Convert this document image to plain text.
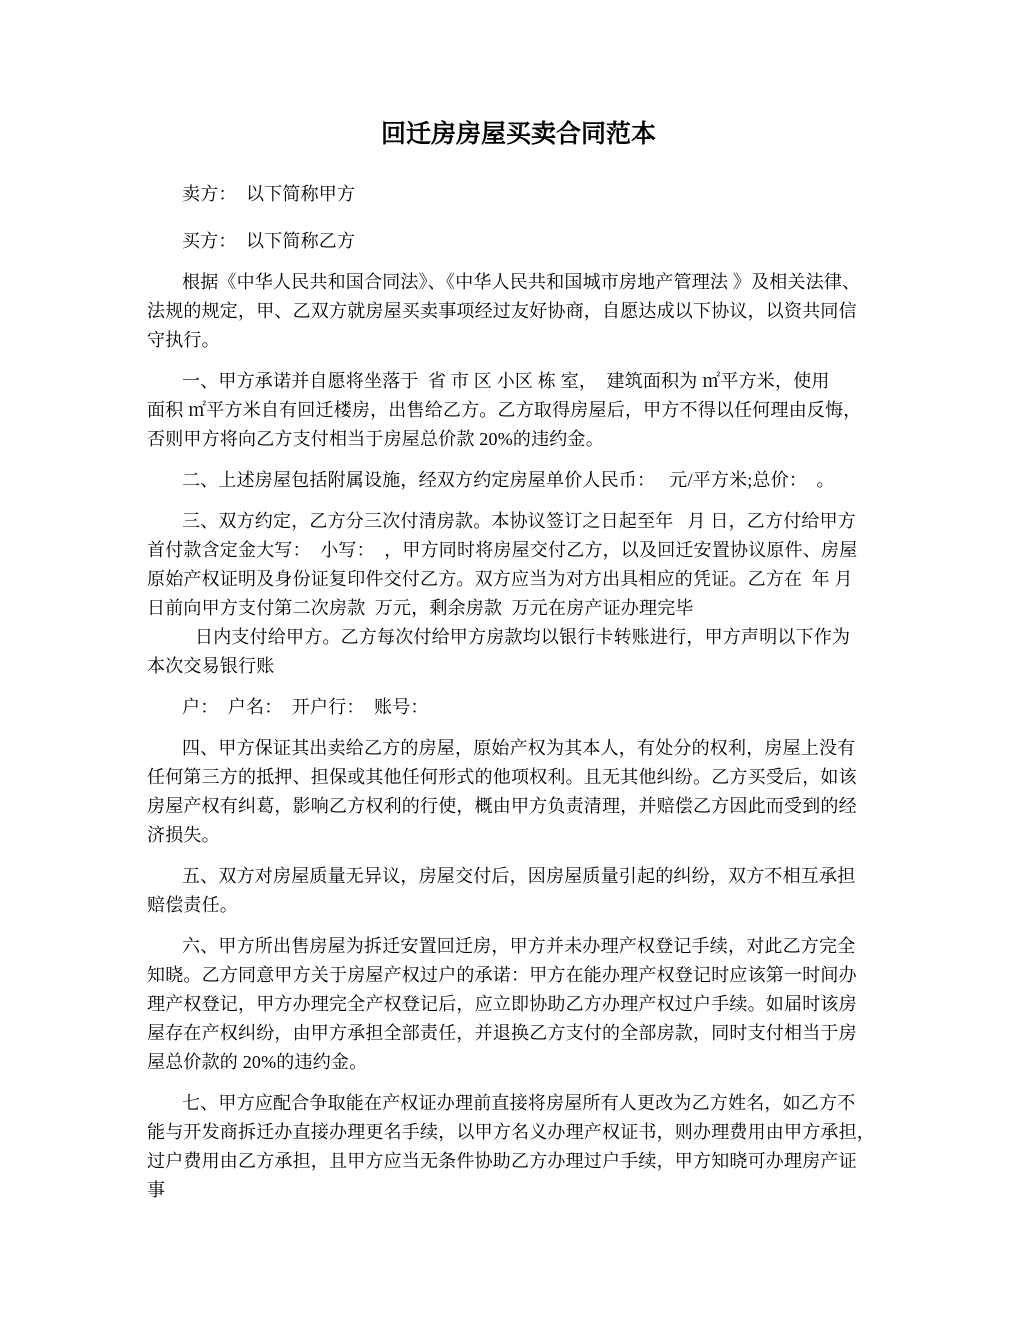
回迁房房屋买卖合同范本
卖方：  以下简称甲方
买方：  以下简称乙方
根据《中华人民共和国合同法》、《中华人民共和国城市房地产管理法 》及相关法律、
法规的规定，甲、乙双方就房屋买卖事项经过友好协商，自愿达成以下协议，以资共同信
守执行。
一、甲方承诺并自愿将坐落于  省 市 区 小区 栋 室，  建筑面积为 ㎡平方米，使用
面积 ㎡平方米自有回迁楼房，出售给乙方。乙方取得房屋后，甲方不得以任何理由反悔，
否则甲方将向乙方支付相当于房屋总价款 20%的违约金。
二、上述房屋包括附属设施，经双方约定房屋单价人民币：   元/平方米;总价：  。
三、双方约定，乙方分三次付清房款。本协议签订之日起至年   月 日，乙方付给甲方
首付款含定金大写：  小写：  ，甲方同时将房屋交付乙方，以及回迁安置协议原件、房屋
原始产权证明及身份证复印件交付乙方。双方应当为对方出具相应的凭证。乙方在  年 月
日前向甲方支付第二次房款  万元，剩余房款  万元在房产证办理完毕
日内支付给甲方。乙方每次付给甲方房款均以银行卡转账进行，甲方声明以下作为
本次交易银行账
户：  户名：  开户行：  账号：
四、甲方保证其出卖给乙方的房屋，原始产权为其本人，有处分的权利，房屋上没有
任何第三方的抵押、担保或其他任何形式的他项权利。且无其他纠纷。乙方买受后，如该
房屋产权有纠葛，影响乙方权利的行使，概由甲方负责清理，并赔偿乙方因此而受到的经
济损失。
五、双方对房屋质量无异议，房屋交付后，因房屋质量引起的纠纷，双方不相互承担
赔偿责任。
六、甲方所出售房屋为拆迁安置回迁房，甲方并未办理产权登记手续，对此乙方完全
知晓。乙方同意甲方关于房屋产权过户的承诺：甲方在能办理产权登记时应该第一时间办
理产权登记，甲方办理完全产权登记后，应立即协助乙方办理产权过户手续。如届时该房
屋存在产权纠纷，由甲方承担全部责任，并退换乙方支付的全部房款，同时支付相当于房
屋总价款的 20%的违约金。
七、甲方应配合争取能在产权证办理前直接将房屋所有人更改为乙方姓名，如乙方不
能与开发商拆迁办直接办理更名手续，以甲方名义办理产权证书，则办理费用由甲方承担，
过户费用由乙方承担，且甲方应当无条件协助乙方办理过户手续，甲方知晓可办理房产证
事
